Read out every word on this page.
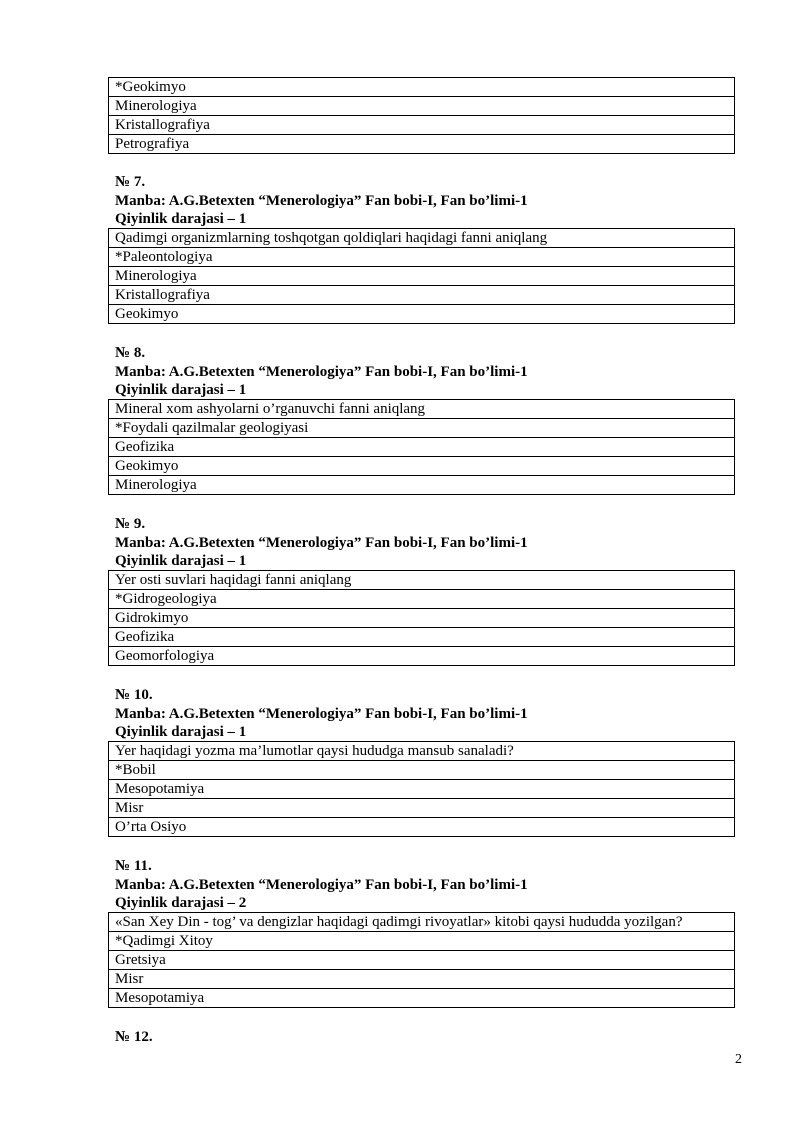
*Geokimyo
Minerologiya
Kristallografiya
Petrografiya
№ 7.
Manba: A.G.Betexten “Menerologiya” Fan bobi-I, Fan bo’limi-1
Qiyinlik darajasi – 1
Qadimgi organizmlarning toshqotgan qoldiqlari haqidagi fanni aniqlang
*Paleontologiya
Minerologiya
Kristallografiya
Geokimyo
№ 8.
Manba: A.G.Betexten “Menerologiya” Fan bobi-I, Fan bo’limi-1
Qiyinlik darajasi – 1
Mineral xom ashyolarni o’rganuvchi fanni aniqlang
*Foydali qazilmalar geologiyasi
Geofizika
Geokimyo
Minerologiya
№ 9.
Manba: A.G.Betexten “Menerologiya” Fan bobi-I, Fan bo’limi-1
Qiyinlik darajasi – 1
Yer osti suvlari haqidagi fanni aniqlang
*Gidrogeologiya
Gidrokimyo
Geofizika
Geomorfologiya
№ 10.
Manba: A.G.Betexten “Menerologiya” Fan bobi-I, Fan bo’limi-1
Qiyinlik darajasi – 1
Yer haqidagi yozma ma’lumotlar qaysi hududga mansub sanaladi?
*Bobil
Mesopotamiya
Misr
O’rta Osiyo
№ 11.
Manba: A.G.Betexten “Menerologiya” Fan bobi-I, Fan bo’limi-1
Qiyinlik darajasi – 2
«San Xey Din - tog’ va dengizlar haqidagi qadimgi rivoyatlar» kitobi qaysi hududda yozilgan?
*Qadimgi Xitoy
Gretsiya
Misr
Mesopotamiya
№ 12.
2
